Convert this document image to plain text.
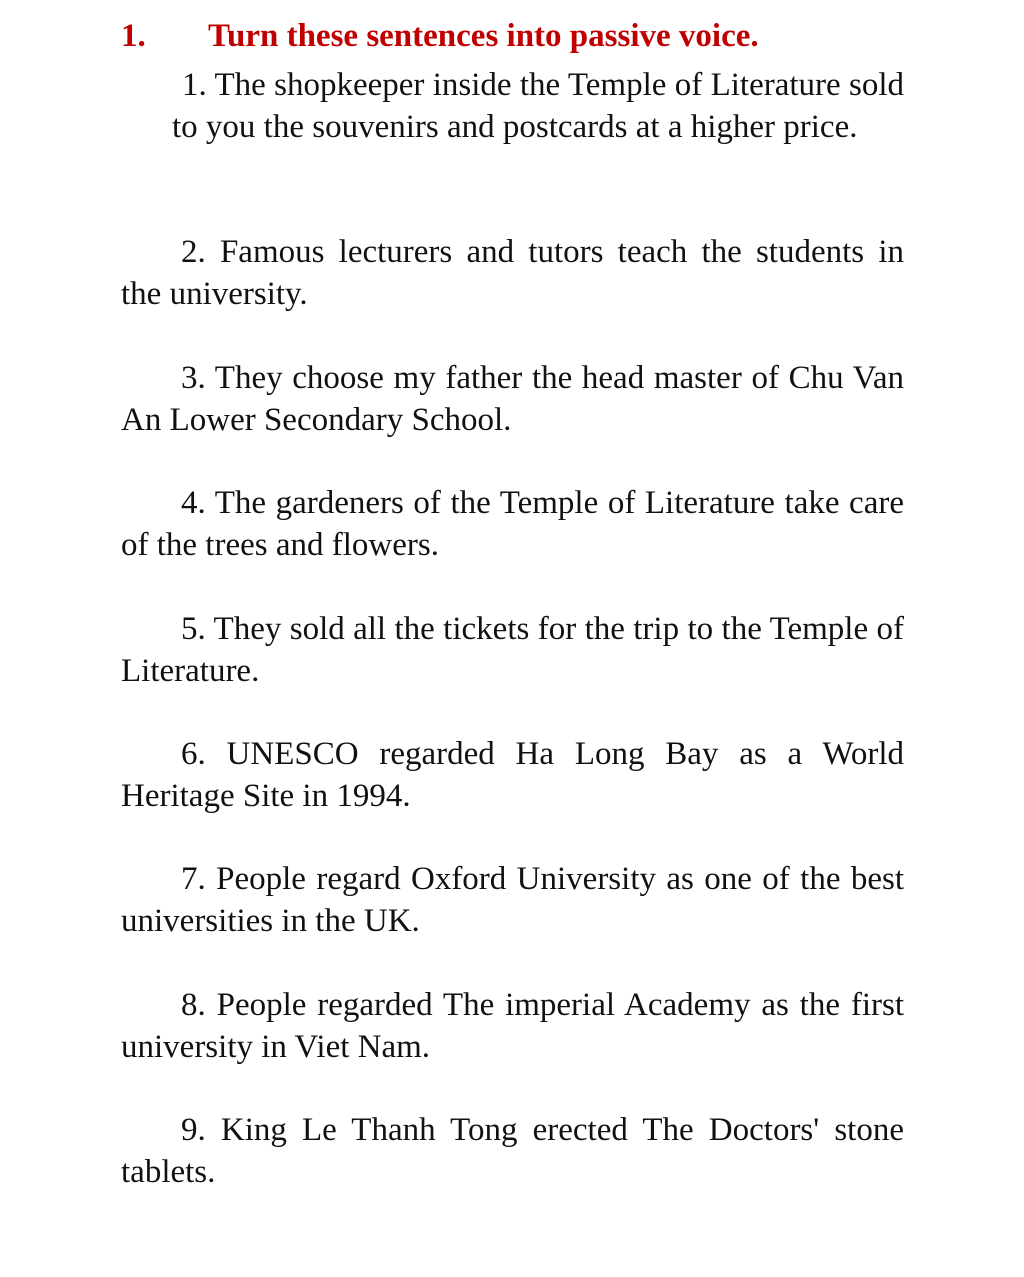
1. Turn these sentences into passive voice.

1. The shopkeeper inside the Temple of Literature sold to you the souvenirs and postcards at a higher price.

2. Famous lecturers and tutors teach the students in the university.

3. They choose my father the head master of Chu Van An Lower Secondary School.

4. The gardeners of the Temple of Literature take care of the trees and flowers.

5. They sold all the tickets for the trip to the Temple of Literature.

6. UNESCO regarded Ha Long Bay as a World Heritage Site in 1994.

7. People regard Oxford University as one of the best universities in the UK.

8. People regarded The imperial Academy as the first university in Viet Nam.

9. King Le Thanh Tong erected The Doctors' stone tablets.
